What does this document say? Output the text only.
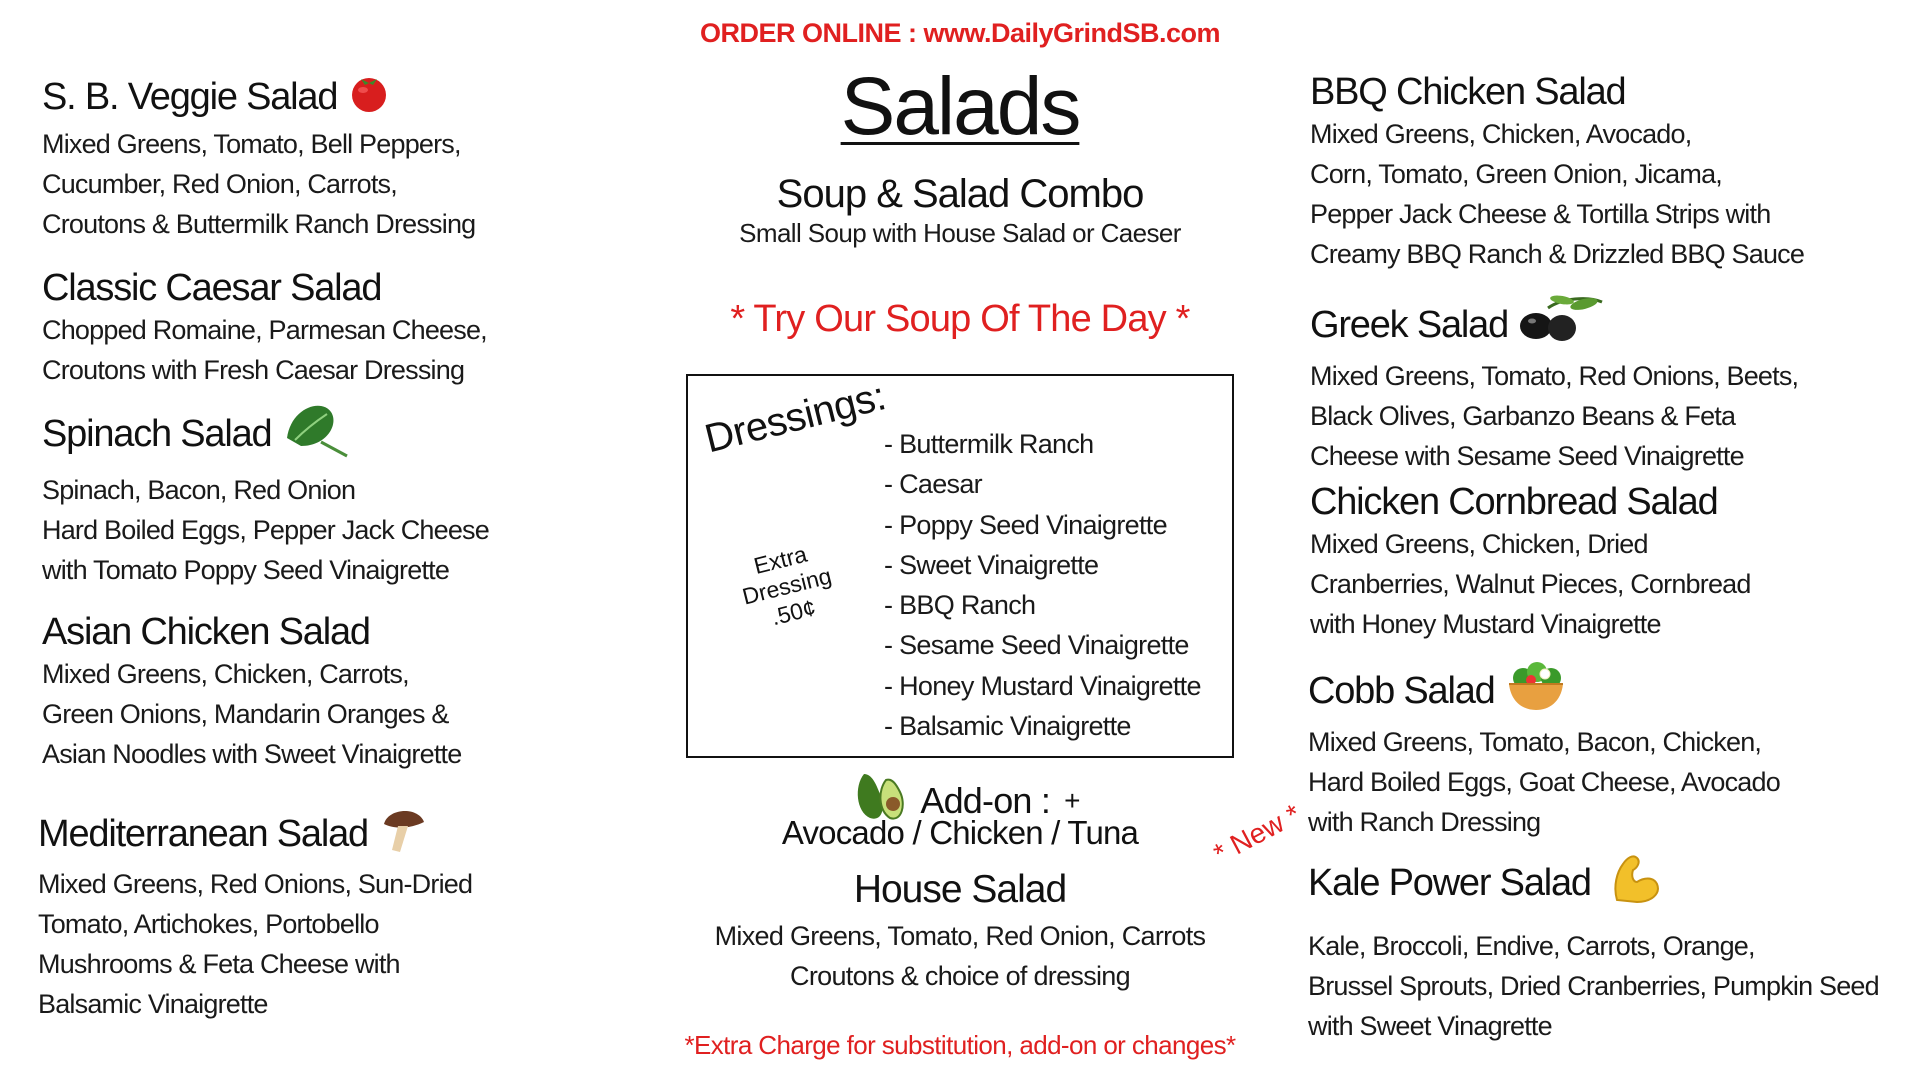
ORDER ONLINE : www.DailyGrindSB.com
S. B. Veggie Salad
Mixed Greens, Tomato, Bell Peppers,
Cucumber, Red Onion, Carrots,
Croutons & Buttermilk Ranch Dressing
Classic Caesar Salad
Chopped Romaine, Parmesan Cheese,
Croutons with Fresh Caesar Dressing
Spinach Salad
Spinach, Bacon, Red Onion
Hard Boiled Eggs, Pepper Jack Cheese
with Tomato Poppy Seed Vinaigrette
Asian Chicken Salad
Mixed Greens, Chicken, Carrots,
Green Onions, Mandarin Oranges &
Asian Noodles with Sweet Vinaigrette
Mediterranean Salad
Mixed Greens, Red Onions, Sun-Dried
Tomato, Artichokes, Portobello
Mushrooms & Feta Cheese with
Balsamic Vinaigrette
Salads
Soup & Salad Combo
Small Soup with House Salad or Caeser
* Try Our Soup Of The Day *
Dressings:
Extra
Dressing
.50¢
- Buttermilk Ranch
- Caesar
- Poppy Seed Vinaigrette
- Sweet Vinaigrette
- BBQ Ranch
- Sesame Seed Vinaigrette
- Honey Mustard Vinaigrette
- Balsamic Vinaigrette
Add-on : +
Avocado / Chicken / Tuna
House Salad
Mixed Greens, Tomato, Red Onion, Carrots
Croutons & choice of dressing
BBQ Chicken Salad
Mixed Greens, Chicken, Avocado,
Corn, Tomato, Green Onion, Jicama,
Pepper Jack Cheese & Tortilla Strips with
Creamy BBQ Ranch & Drizzled BBQ Sauce
Greek Salad
Mixed Greens, Tomato, Red Onions, Beets,
Black Olives, Garbanzo Beans & Feta
Cheese with Sesame Seed Vinaigrette
Chicken Cornbread Salad
Mixed Greens, Chicken, Dried
Cranberries, Walnut Pieces, Cornbread
with Honey Mustard Vinaigrette
Cobb Salad
Mixed Greens, Tomato, Bacon, Chicken,
Hard Boiled Eggs, Goat Cheese, Avocado
with Ranch Dressing
Kale Power Salad
Kale, Broccoli, Endive, Carrots, Orange,
Brussel Sprouts, Dried Cranberries, Pumpkin Seed
with Sweet Vinagrette
* New *
*Extra Charge for substitution, add-on or changes*
